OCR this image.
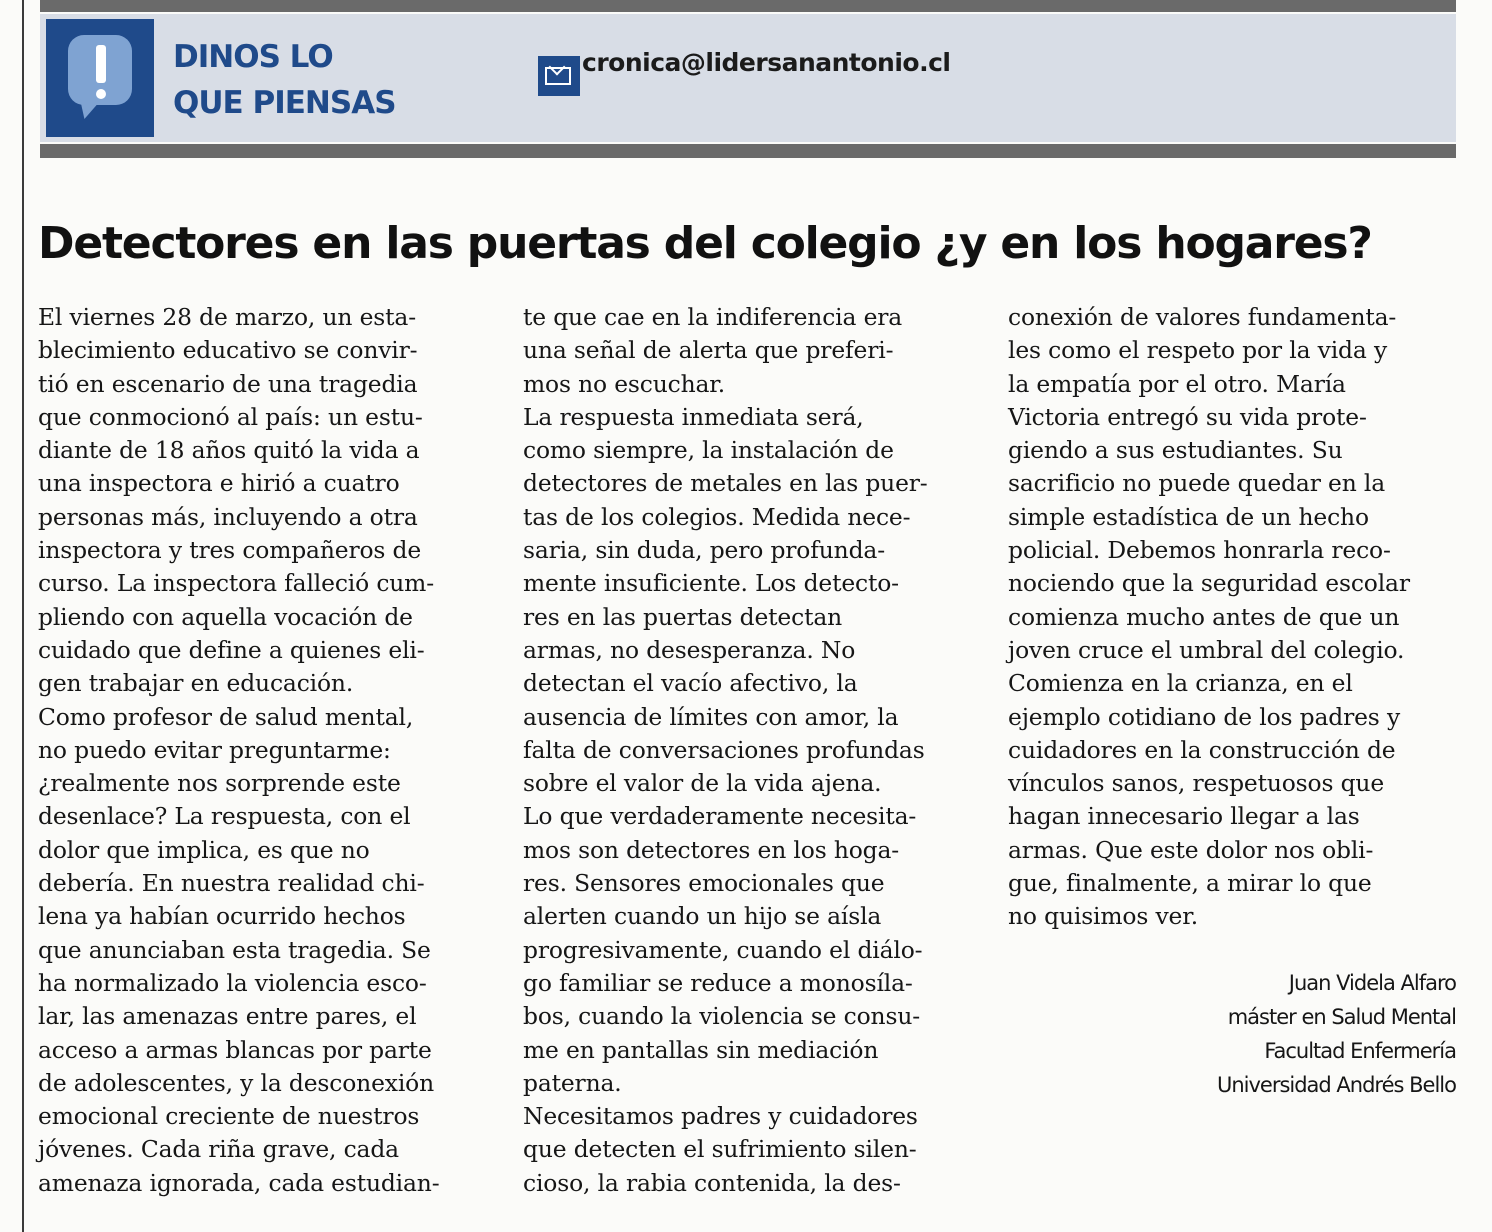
DINOS LO
QUE PIENSAS
cronica@lidersanantonio.cl
Detectores en las puertas del colegio ¿y en los hogares?
El viernes 28 de marzo, un esta-
blecimiento educativo se convir-
tió en escenario de una tragedia
que conmocionó al país: un estu-
diante de 18 años quitó la vida a
una inspectora e hirió a cuatro
personas más, incluyendo a otra
inspectora y tres compañeros de
curso. La inspectora falleció cum-
pliendo con aquella vocación de
cuidado que define a quienes eli-
gen trabajar en educación.
Como profesor de salud mental,
no puedo evitar preguntarme:
¿realmente nos sorprende este
desenlace? La respuesta, con el
dolor que implica, es que no
debería. En nuestra realidad chi-
lena ya habían ocurrido hechos
que anunciaban esta tragedia. Se
ha normalizado la violencia esco-
lar, las amenazas entre pares, el
acceso a armas blancas por parte
de adolescentes, y la desconexión
emocional creciente de nuestros
jóvenes. Cada riña grave, cada
amenaza ignorada, cada estudian-
te que cae en la indiferencia era
una señal de alerta que preferi-
mos no escuchar.
La respuesta inmediata será,
como siempre, la instalación de
detectores de metales en las puer-
tas de los colegios. Medida nece-
saria, sin duda, pero profunda-
mente insuficiente. Los detecto-
res en las puertas detectan
armas, no desesperanza. No
detectan el vacío afectivo, la
ausencia de límites con amor, la
falta de conversaciones profundas
sobre el valor de la vida ajena.
Lo que verdaderamente necesita-
mos son detectores en los hoga-
res. Sensores emocionales que
alerten cuando un hijo se aísla
progresivamente, cuando el diálo-
go familiar se reduce a monosíla-
bos, cuando la violencia se consu-
me en pantallas sin mediación
paterna.
Necesitamos padres y cuidadores
que detecten el sufrimiento silen-
cioso, la rabia contenida, la des-
conexión de valores fundamenta-
les como el respeto por la vida y
la empatía por el otro. María
Victoria entregó su vida prote-
giendo a sus estudiantes. Su
sacrificio no puede quedar en la
simple estadística de un hecho
policial. Debemos honrarla reco-
nociendo que la seguridad escolar
comienza mucho antes de que un
joven cruce el umbral del colegio.
Comienza en la crianza, en el
ejemplo cotidiano de los padres y
cuidadores en la construcción de
vínculos sanos, respetuosos que
hagan innecesario llegar a las
armas. Que este dolor nos obli-
gue, finalmente, a mirar lo que
no quisimos ver.
Juan Videla Alfaro
máster en Salud Mental
Facultad Enfermería
Universidad Andrés Bello
